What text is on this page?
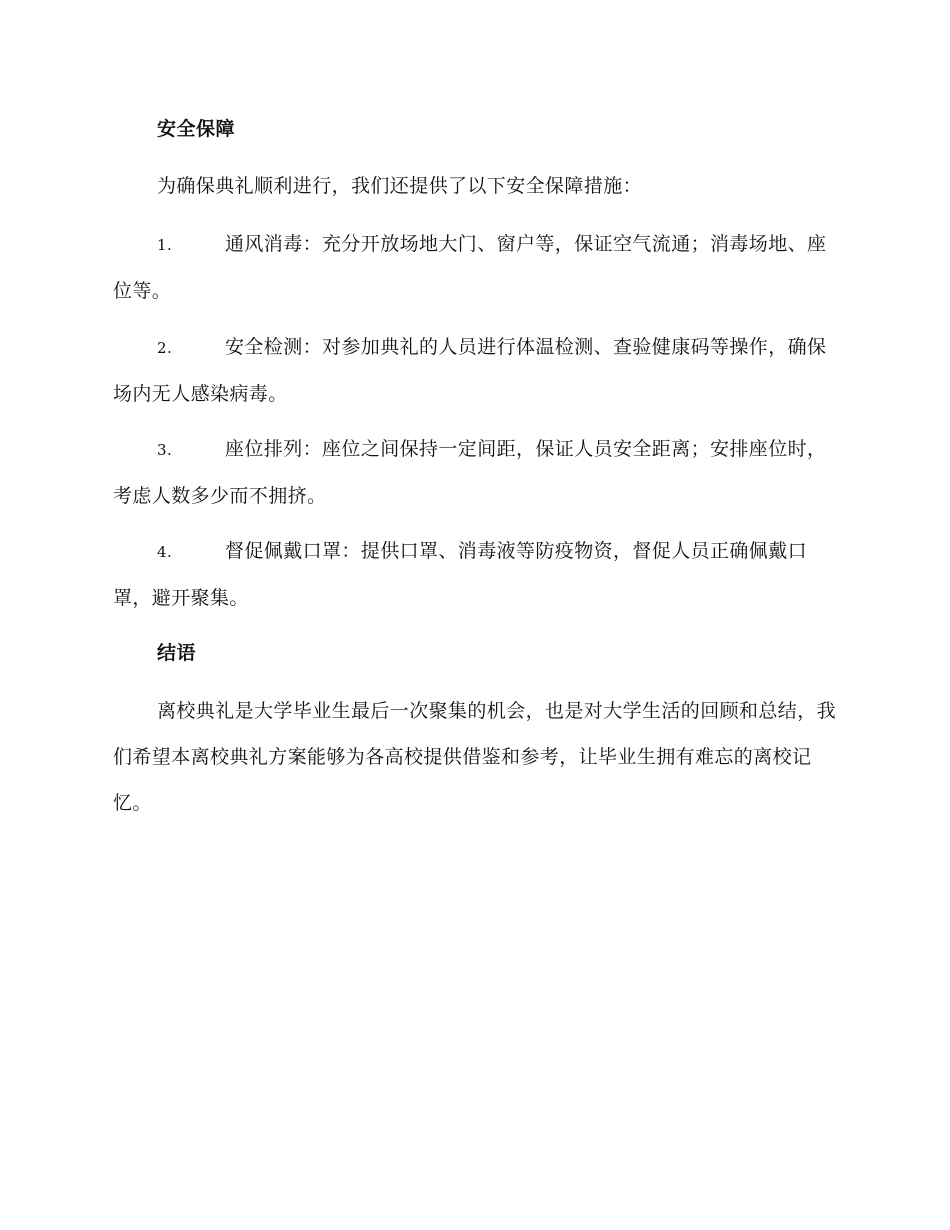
安全保障

为确保典礼顺利进行，我们还提供了以下安全保障措施：

1.	通风消毒：充分开放场地大门、窗户等，保证空气流通；消毒场地、座位等。

2.	安全检测：对参加典礼的人员进行体温检测、查验健康码等操作，确保场内无人感染病毒。

3.	座位排列：座位之间保持一定间距，保证人员安全距离；安排座位时，考虑人数多少而不拥挤。

4.	督促佩戴口罩：提供口罩、消毒液等防疫物资，督促人员正确佩戴口罩，避开聚集。

结语

离校典礼是大学毕业生最后一次聚集的机会，也是对大学生活的回顾和总结，我们希望本离校典礼方案能够为各高校提供借鉴和参考，让毕业生拥有难忘的离校记忆。
